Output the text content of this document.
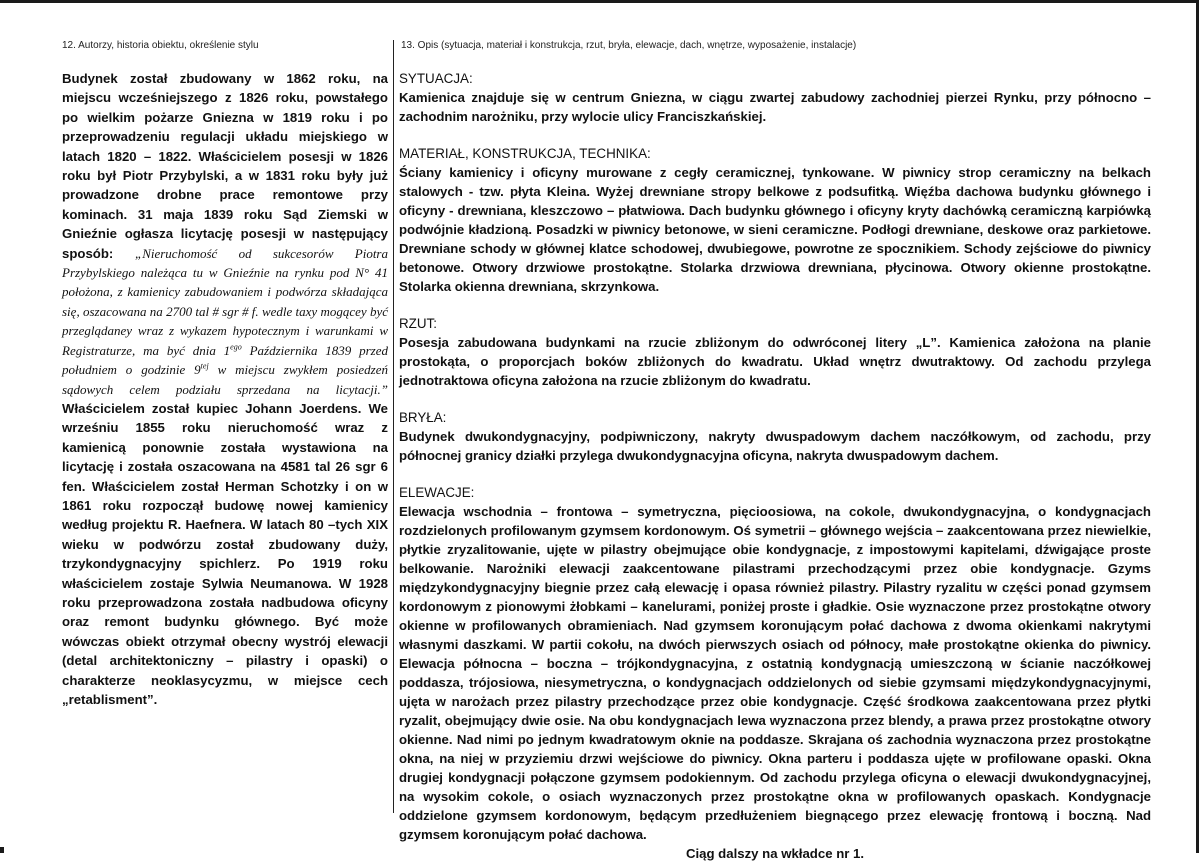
12. Autorzy, historia obiektu, określenie stylu	13. Opis (sytuacja, materiał i konstrukcja, rzut, bryła, elewacje, dach, wnętrze, wyposażenie, instalacje)
Budynek został zbudowany w 1862 roku, na miejscu wcześniejszego z 1826 roku, powstałego po wielkim pożarze Gniezna w 1819 roku i po przeprowadzeniu regulacji układu miejskiego w latach 1820 – 1822. Właścicielem posesji w 1826 roku był Piotr Przybylski, a w 1831 roku były już prowadzone drobne prace remontowe przy kominach. 31 maja 1839 roku Sąd Ziemski w Gnieźnie ogłasza licytację posesji w następujący sposób: „Nieruchomość od sukcesorów Piotra Przybylskiego należąca tu w Gnieźnie na rynku pod N° 41 położona, z kamienicy zabudowaniem i podwórza składająca się, oszacowana na 2700 tal # sgr # f. wedle taxy mogącey być przeglądaney wraz z wykazem hypotecznym i warunkami w Registraturze, ma być dnia $1^{ego}$ Października 1839 przed południem o godzinie $9^{tej}$ w miejscu zwykłem posiedzeń sądowych celem podziału sprzedana na licytacji.” Właścicielem został kupiec Johann Joerdens. We wrześniu 1855 roku nieruchomość wraz z kamienicą ponownie została wystawiona na licytację i została oszacowana na 4581 tal 26 sgr 6 fen. Właścicielem został Herman Schotzky i on w 1861 roku rozpoczął budowę nowej kamienicy według projektu R. Haefnera. W latach 80 –tych XIX wieku w podwórzu został zbudowany duży, trzykondygnacyjny spichlerz. Po 1919 roku właścicielem zostaje Sylwia Neumanowa. W 1928 roku przeprowadzona została nadbudowa oficyny oraz remont budynku głównego. Być może wówczas obiekt otrzymał obecny wystrój elewacji (detal architektoniczny – pilastry i opaski) o charakterze neoklasycyzmu, w miejsce cech „retablisment”.
SYTUACJA:
Kamienica znajduje się w centrum Gniezna, w ciągu zwartej zabudowy zachodniej pierzei Rynku, przy północno – zachodnim narożniku, przy wylocie ulicy Franciszkańskiej.
MATERIAŁ, KONSTRUKCJA, TECHNIKA:
Ściany kamienicy i oficyny murowane z cegły ceramicznej, tynkowane. W piwnicy strop ceramiczny na belkach stalowych - tzw. płyta Kleina. Wyżej drewniane stropy belkowe z podsufitką. Więźba dachowa budynku głównego i oficyny - drewniana, kleszczowo – płatwiowa. Dach budynku głównego i oficyny kryty dachówką ceramiczną karpiówką podwójnie kładzioną. Posadzki w piwnicy betonowe, w sieni ceramiczne. Podłogi drewniane, deskowe oraz parkietowe. Drewniane schody w głównej klatce schodowej, dwubiegowe, powrotne ze spocznikiem. Schody zejściowe do piwnicy betonowe. Otwory drzwiowe prostokątne. Stolarka drzwiowa drewniana, płycinowa. Otwory okienne prostokątne. Stolarka okienna drewniana, skrzynkowa.
RZUT:
Posesja zabudowana budynkami na rzucie zbliżonym do odwróconej litery „L”. Kamienica założona na planie prostokąta, o proporcjach boków zbliżonych do kwadratu. Układ wnętrz dwutraktowy. Od zachodu przylega jednotraktowa oficyna założona na rzucie zbliżonym do kwadratu.
BRYŁA:
Budynek dwukondygnacyjny, podpiwniczony, nakryty dwuspadowym dachem naczółkowym, od zachodu, przy północnej granicy działki przylega dwukondygnacyjna oficyna, nakryta dwuspadowym dachem.
ELEWACJE:
Elewacja wschodnia – frontowa – symetryczna, pięcioosiowa, na cokole, dwukondygnacyjna, o kondygnacjach rozdzielonych profilowanym gzymsem kordonowym. Oś symetrii – głównego wejścia – zaakcentowana przez niewielkie, płytkie zryzalitowanie, ujęte w pilastry obejmujące obie kondygnacje, z impostowymi kapitelami, dźwigające proste belkowanie. Narożniki elewacji zaakcentowane pilastrami przechodzącymi przez obie kondygnacje. Gzyms międzykondygnacyjny biegnie przez całą elewację i opasa również pilastry. Pilastry ryzalitu w części ponad gzymsem kordonowym z pionowymi żłobkami – kanelurami, poniżej proste i gładkie. Osie wyznaczone przez prostokątne otwory okienne w profilowanych obramieniach. Nad gzymsem koronującym połać dachowa z dwoma okienkami nakrytymi własnymi daszkami. W partii cokołu, na dwóch pierwszych osiach od północy, małe prostokątne okienka do piwnicy. Elewacja północna – boczna – trójkondygnacyjna, z ostatnią kondygnacją umieszczoną w ścianie naczółkowej poddasza, trójosiowa, niesymetryczna, o kondygnacjach oddzielonych od siebie gzymsami międzykondygnacyjnymi, ujęta w narożach przez pilastry przechodzące przez obie kondygnacje. Część środkowa zaakcentowana przez płytki ryzalit, obejmujący dwie osie. Na obu kondygnacjach lewa wyznaczona przez blendy, a prawa przez prostokątne otwory okienne. Nad nimi po jednym kwadratowym oknie na poddasze. Skrajana oś zachodnia wyznaczona przez prostokątne okna, na niej w przyziemiu drzwi wejściowe do piwnicy. Okna parteru i poddasza ujęte w profilowane opaski. Okna drugiej kondygnacji połączone gzymsem podokiennym. Od zachodu przylega oficyna o elewacji dwukondygnacyjnej, na wysokim cokole, o osiach wyznaczonych przez prostokątne okna w profilowanych opaskach. Kondygnacje oddzielone gzymsem kordonowym, będącym przedłużeniem biegnącego przez elewację frontową i boczną. Nad gzymsem koronującym połać dachowa.
Ciąg dalszy na wkładce nr 1.
